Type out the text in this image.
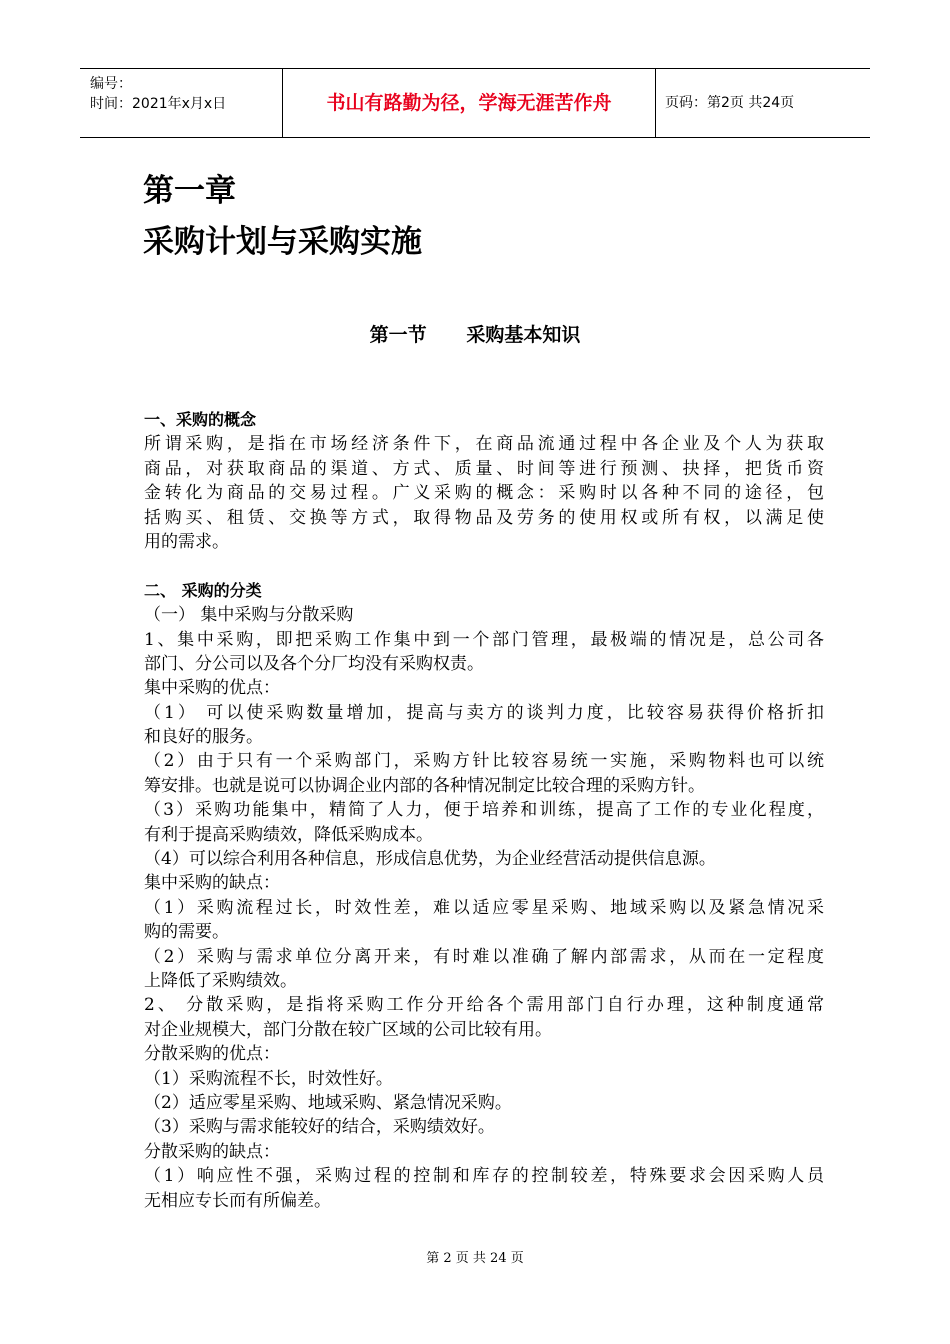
编号：
时间：2021年x月x日	书山有路勤为径，学海无涯苦作舟	页码：第2页 共24页
第一章
采购计划与采购实施
第一节      采购基本知识
一、采购的概念
所谓采购，是指在市场经济条件下，在商品流通过程中各企业及个人为获取
商品，对获取商品的渠道、方式、质量、时间等进行预测、抉择，把货币资
金转化为商品的交易过程。广义采购的概念：采购时以各种不同的途径，包
括购买、租赁、交换等方式，取得物品及劳务的使用权或所有权，以满足使
用的需求。
二、 采购的分类
（一） 集中采购与分散采购
1、集中采购，即把采购工作集中到一个部门管理，最极端的情况是，总公司各
部门、分公司以及各个分厂均没有采购权责。
集中采购的优点：
（1） 可以使采购数量增加，提高与卖方的谈判力度，比较容易获得价格折扣
和良好的服务。
（2）由于只有一个采购部门，采购方针比较容易统一实施，采购物料也可以统
筹安排。也就是说可以协调企业内部的各种情况制定比较合理的采购方针。
（3）采购功能集中，精简了人力，便于培养和训练，提高了工作的专业化程度，
有利于提高采购绩效，降低采购成本。
（4）可以综合利用各种信息，形成信息优势，为企业经营活动提供信息源。
集中采购的缺点：
（1）采购流程过长，时效性差，难以适应零星采购、地域采购以及紧急情况采
购的需要。
（2）采购与需求单位分离开来，有时难以准确了解内部需求，从而在一定程度
上降低了采购绩效。
2、 分散采购，是指将采购工作分开给各个需用部门自行办理，这种制度通常
对企业规模大，部门分散在较广区域的公司比较有用。
分散采购的优点：
（1）采购流程不长，时效性好。
（2）适应零星采购、地域采购、紧急情况采购。
（3）采购与需求能较好的结合，采购绩效好。
分散采购的缺点：
（1）响应性不强，采购过程的控制和库存的控制较差，特殊要求会因采购人员
无相应专长而有所偏差。
第 2 页 共 24 页
